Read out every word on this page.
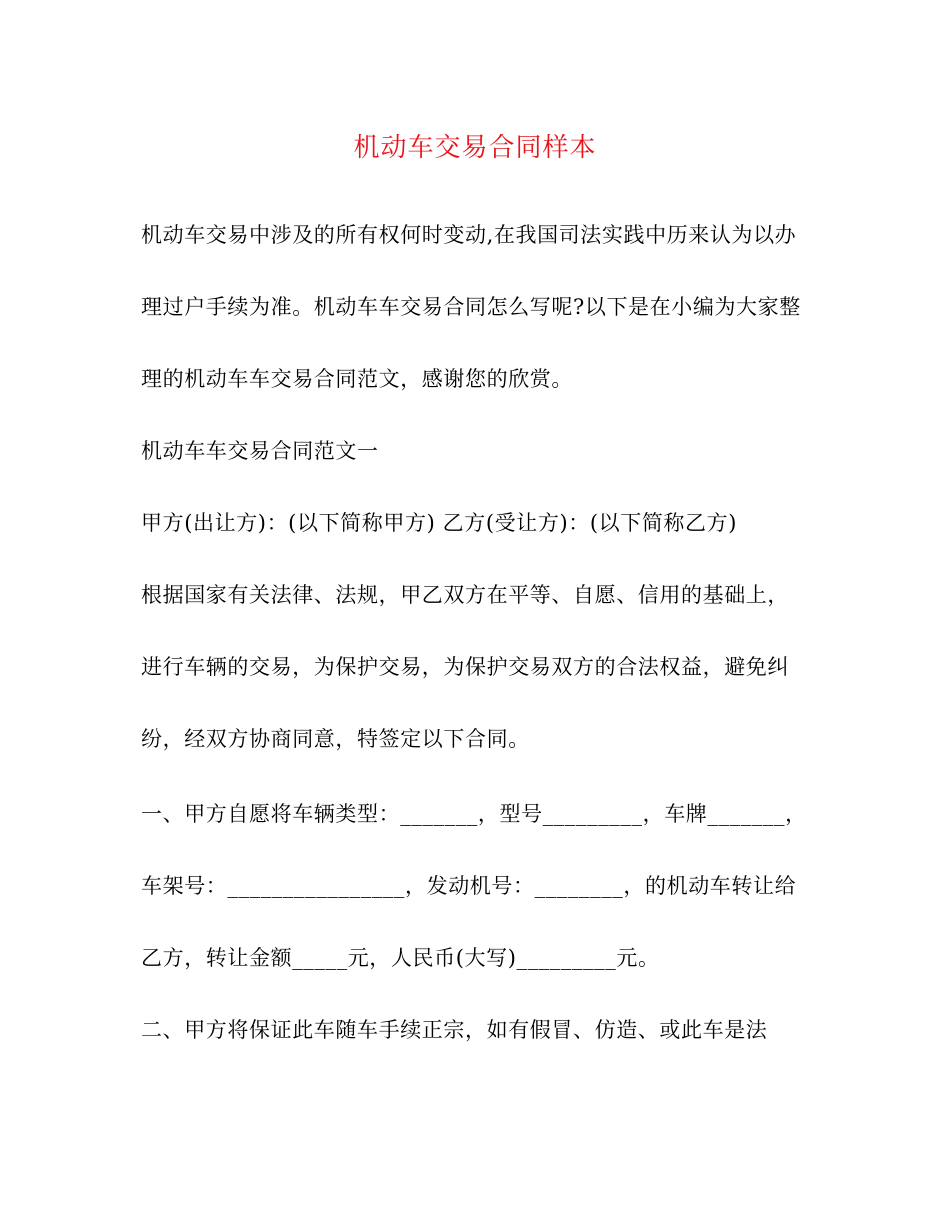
机动车交易合同样本
机动车交易中涉及的所有权何时变动,在我国司法实践中历来认为以办
理过户手续为准。机动车车交易合同怎么写呢?以下是在小编为大家整
理的机动车车交易合同范文，感谢您的欣赏。
机动车车交易合同范文一
甲方(出让方)：(以下简称甲方) 乙方(受让方)：(以下简称乙方)
根据国家有关法律、法规，甲乙双方在平等、自愿、信用的基础上，
进行车辆的交易，为保护交易，为保护交易双方的合法权益，避免纠
纷，经双方协商同意，特签定以下合同。
一、甲方自愿将车辆类型：_______，型号_________，车牌_______，
车架号：________________，发动机号：________，的机动车转让给
乙方，转让金额_____元，人民币(大写)_________元。
二、甲方将保证此车随车手续正宗，如有假冒、仿造、或此车是法
